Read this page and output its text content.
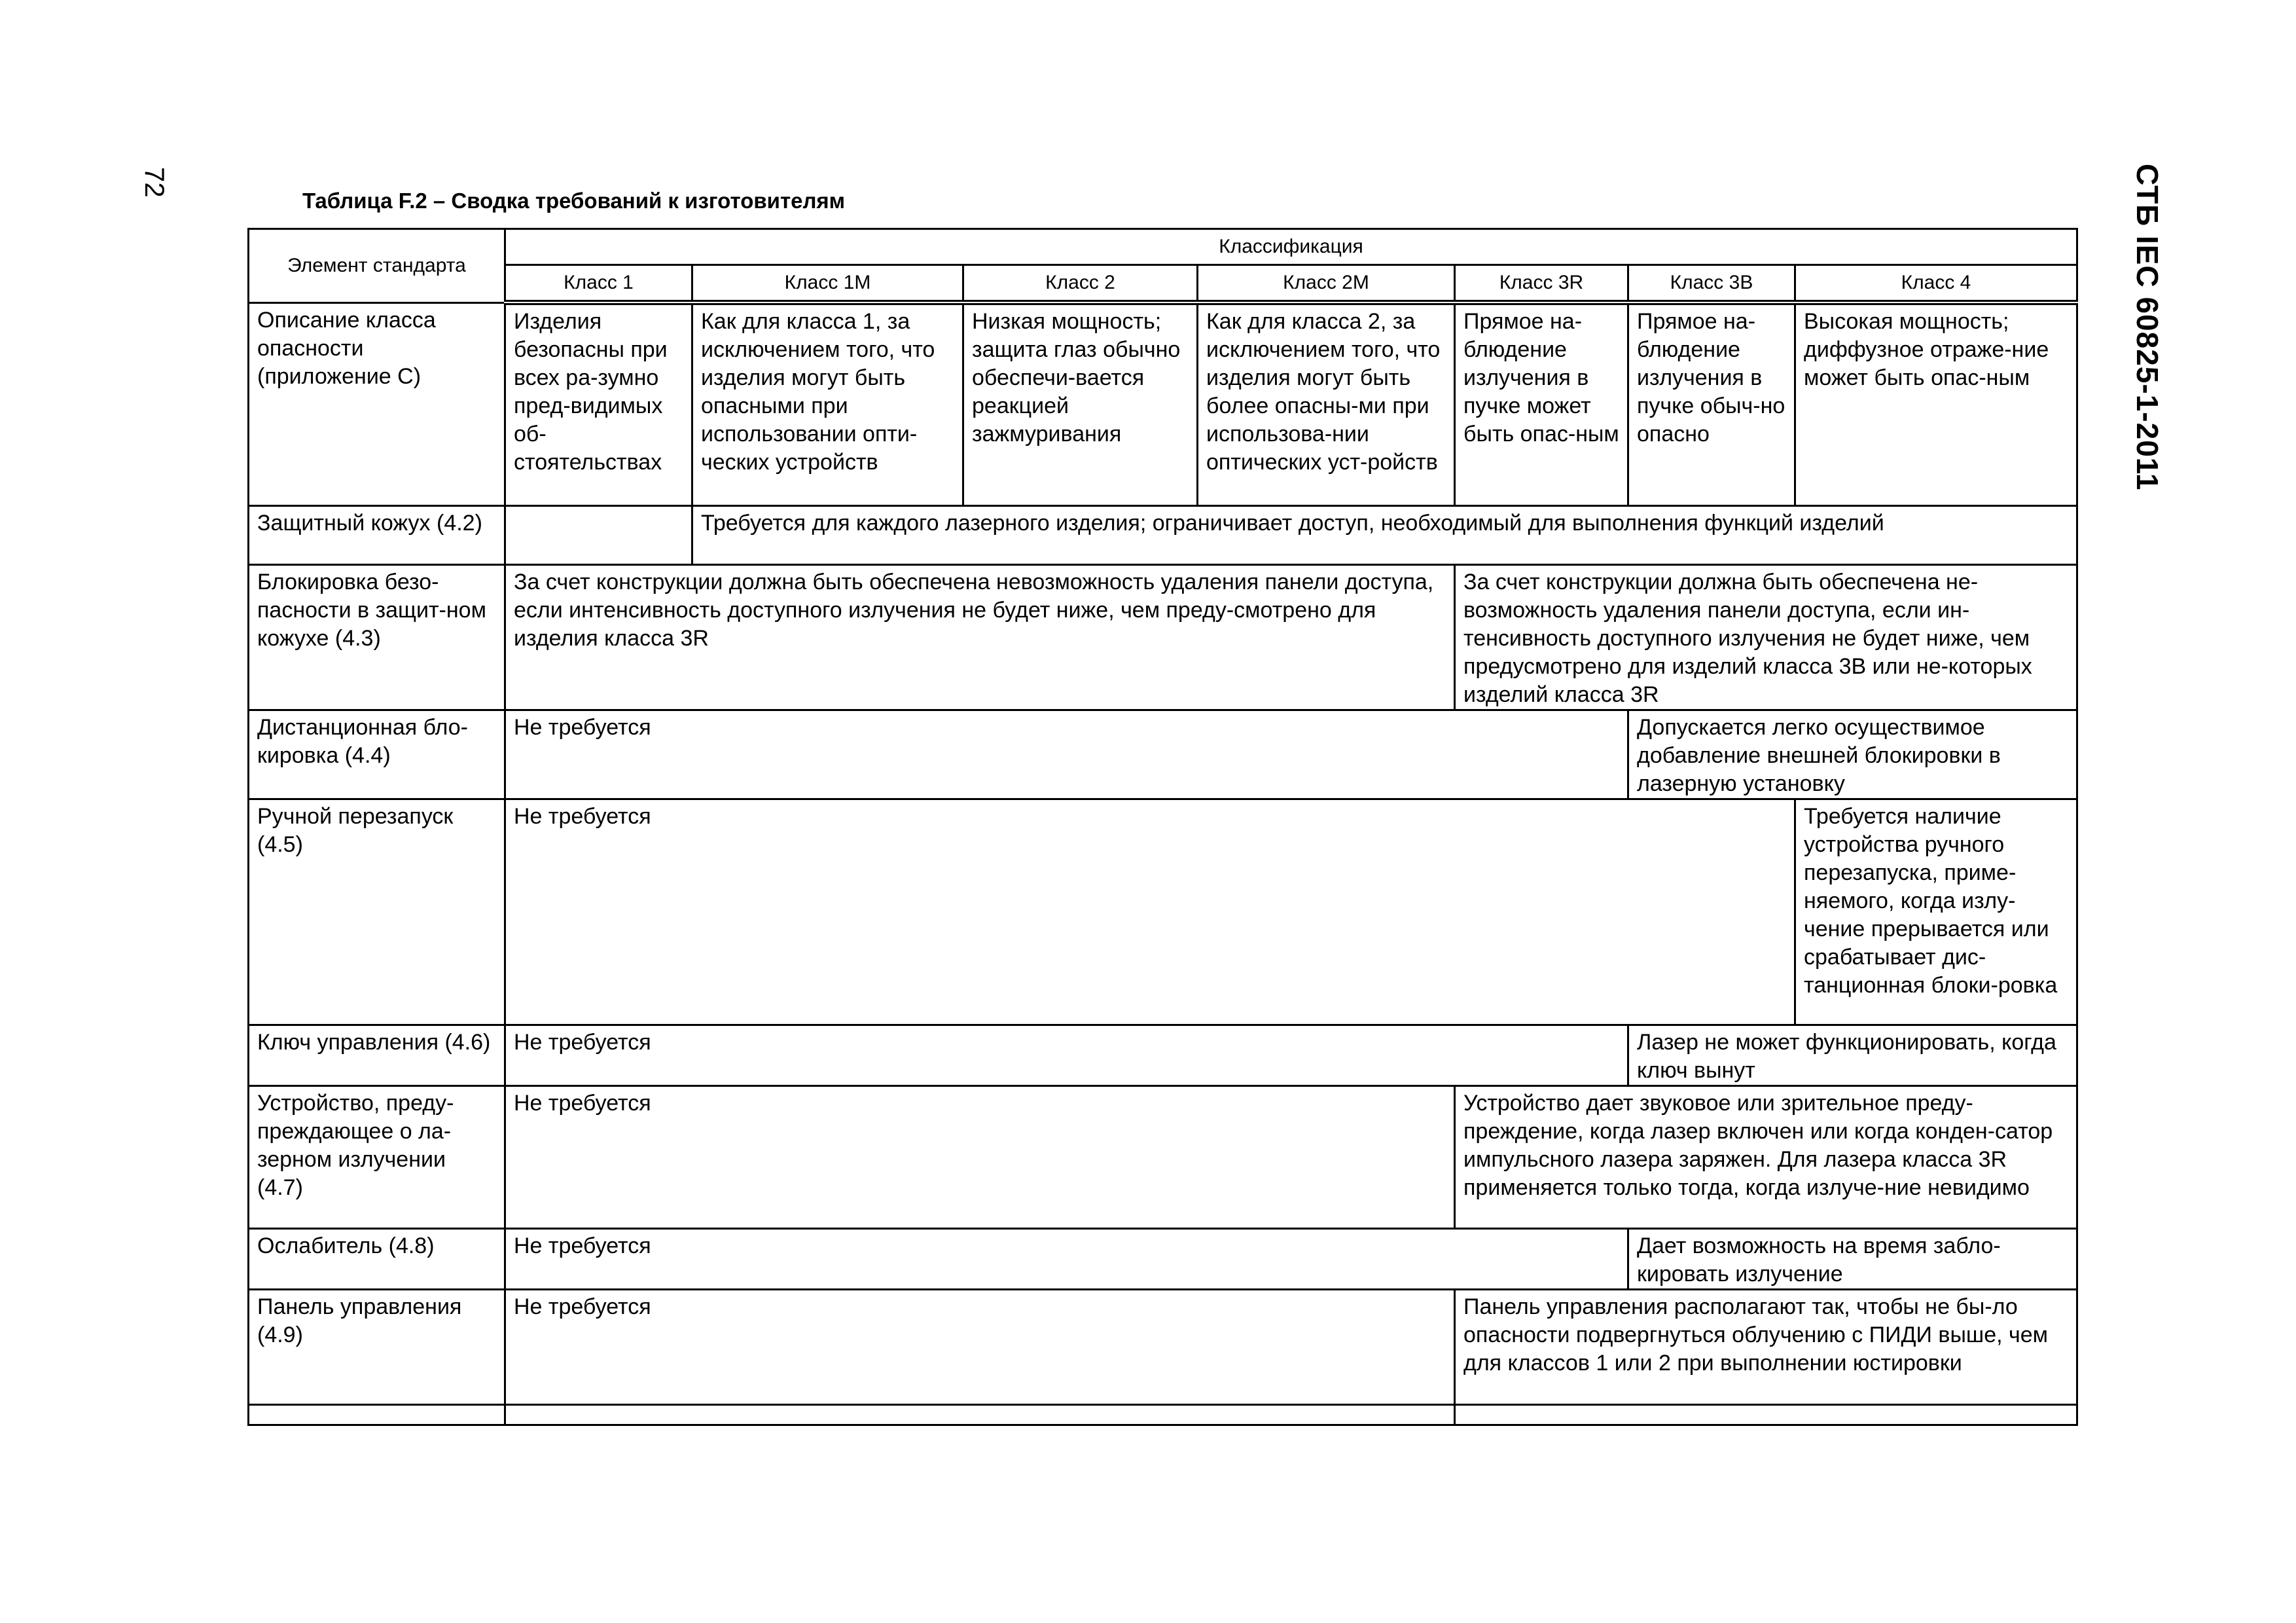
72	СТБ IEC 60825-1-2011
Таблица F.2 – Сводка требований к изготовителям
Элемент стандарта	Классификация						
	Класс 1	Класс 1М	Класс 2	Класс 2М	Класс 3R	Класс 3В	Класс 4
Описание класса опасности (приложение С)	Изделия безопасны при всех ра-зумно пред-видимых об-стоятельствах	Как для класса 1, за исключением того, что изделия могут быть опасными при использовании опти-ческих устройств	Низкая мощность; защита глаз обычно обеспечи-вается реакцией зажмуривания	Как для класса 2, за исключением того, что изделия могут быть более опасны-ми при использова-нии оптических уст-ройств	Прямое на-блюдение излучения в пучке может быть опас-ным	Прямое на-блюдение излучения в пучке обыч-но опасно	Высокая мощность; диффузное отраже-ние может быть опас-ным
Защитный кожух (4.2)		Требуется для каждого лазерного изделия; ограничивает доступ, необходимый для выполнения функций изделий					
Блокировка безо-пасности в защит-ном кожухе (4.3)	За счет конструкции должна быть обеспечена невозможность удаления панели доступа, если интенсивность доступного излучения не будет ниже, чем преду-смотрено для изделия класса 3R				За счет конструкции должна быть обеспечена не-возможность удаления панели доступа, если ин-тенсивность доступного излучения не будет ниже, чем предусмотрено для изделий класса 3В или не-которых изделий класса 3R		
Дистанционная бло-кировка (4.4)	Не требуется					Допускается легко осуществимое добавление внешней блокировки в лазерную установку	
Ручной перезапуск (4.5)	Не требуется						Требуется наличие устройства ручного перезапуска, приме-няемого, когда излу-чение прерывается или срабатывает дис-танционная блоки-ровка
Ключ управления (4.6)	Не требуется					Лазер не может функционировать, когда ключ вынут	
Устройство, преду-преждающее о ла-зерном излучении (4.7)	Не требуется				Устройство дает звуковое или зрительное преду-преждение, когда лазер включен или когда конден-сатор импульсного лазера заряжен. Для лазера класса 3R применяется только тогда, когда излуче-ние невидимо		
Ослабитель (4.8)	Не требуется					Дает возможность на время забло-кировать излучение	
Панель управления (4.9)	Не требуется				Панель управления располагают так, чтобы не бы-ло опасности подвергнуться облучению с ПИДИ выше, чем для классов 1 или 2 при выполнении юстировки		
